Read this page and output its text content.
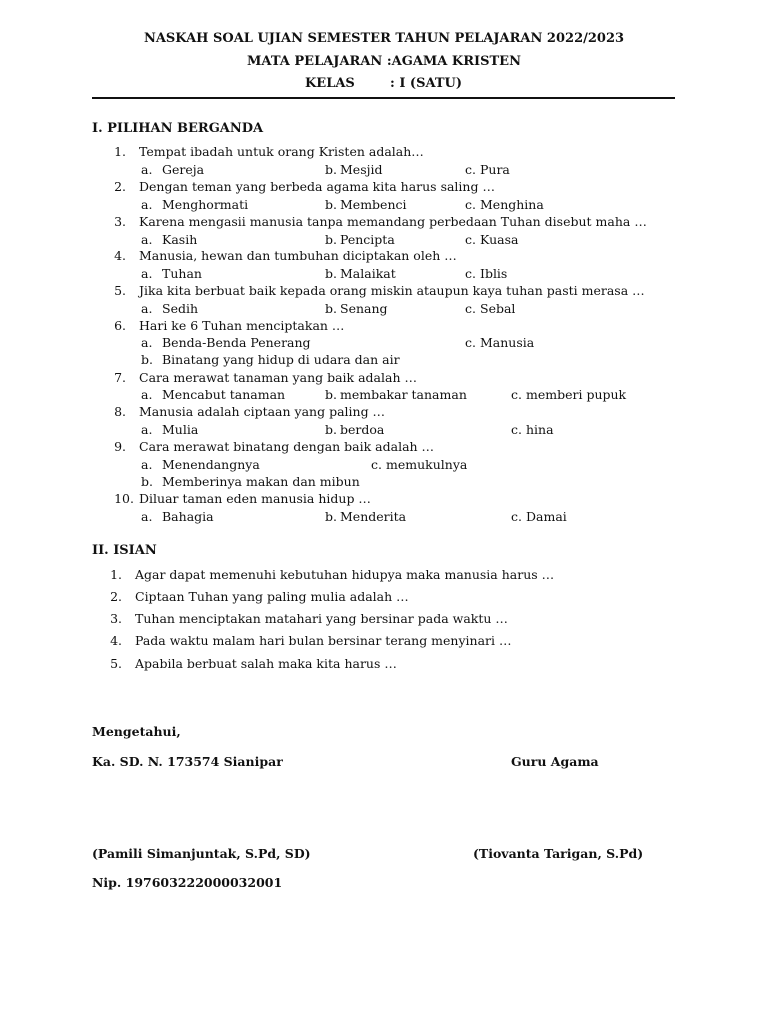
NASKAH SOAL UJIAN SEMESTER TAHUN PELAJARAN 2022/2023
MATA PELAJARAN :AGAMA KRISTEN
KELAS	: I (SATU)
I. PILIHAN BERGANDA
1. Tempat ibadah untuk orang Kristen adalah…
a. Gereja	b. Mesjid	c. Pura
2. Dengan teman yang berbeda agama kita harus saling …
a. Menghormati	b. Membenci	c. Menghina
3. Karena mengasii manusia tanpa memandang perbedaan Tuhan disebut maha …
a. Kasih	b. Pencipta	c. Kuasa
4. Manusia, hewan dan tumbuhan diciptakan oleh …
a. Tuhan	b. Malaikat	c. Iblis
5. Jika kita berbuat baik kepada orang miskin ataupun kaya tuhan pasti merasa …
a. Sedih	b. Senang	c. Sebal
6. Hari ke 6 Tuhan menciptakan …
a. Benda-Benda Penerang	c. Manusia
b. Binatang yang hidup di udara dan air
7. Cara merawat tanaman yang baik adalah …
a. Mencabut tanaman	b. membakar tanaman	c. memberi pupuk
8. Manusia adalah ciptaan yang paling …
a. Mulia	b. berdoa	c. hina
9. Cara merawat binatang dengan baik adalah …
a. Menendangnya	c. memukulnya
b. Memberinya makan dan mibun
10. Diluar taman eden manusia hidup …
a. Bahagia	b. Menderita	c. Damai
II. ISIAN
1. Agar dapat memenuhi kebutuhan hidupya maka manusia harus …
2. Ciptaan Tuhan yang paling mulia adalah …
3. Tuhan menciptakan matahari yang bersinar pada waktu …
4. Pada waktu malam hari bulan bersinar terang menyinari …
5. Apabila berbuat salah maka kita harus …
Mengetahui,
Ka. SD. N. 173574 Sianipar	Guru Agama
(Pamili Simanjuntak, S.Pd, SD)	(Tiovanta Tarigan, S.Pd)
Nip. 197603222000032001
